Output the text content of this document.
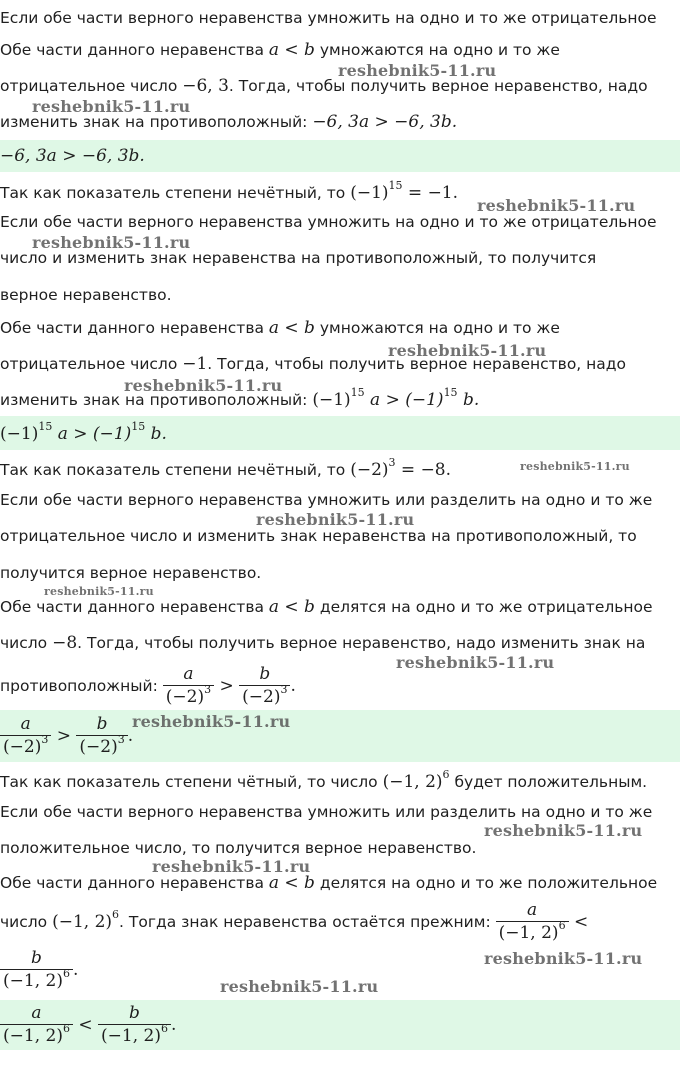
Если обе части верного неравенства умножить на одно и то же отрицательное
Обе части данного неравенства a < b умножаются на одно и то же
отрицательное число −6, 3. Тогда, чтобы получить верное неравенство, надо
изменить знак на противоположный: −6, 3a > −6, 3b.
−6, 3a > −6, 3b.
Так как показатель степени нечётный, то $(-1)^{15} = -1$.
Если обе части верного неравенства умножить на одно и то же отрицательное
число и изменить знак неравенства на противоположный, то получится
верное неравенство.
Обе части данного неравенства a < b умножаются на одно и то же
отрицательное число −1. Тогда, чтобы получить верное неравенство, надо
изменить знак на противоположный: $(-1)^{15}$ $a > (-1)^{15}$ b.
$(-1)^{15}$ $a > (-1)^{15}$ b.
Так как показатель степени нечётный, то $(-2)^3 = -8$.
Если обе части верного неравенства умножить или разделить на одно и то же
отрицательное число и изменить знак неравенства на противоположный, то
получится верное неравенство.
Обе части данного неравенства a < b делятся на одно и то же отрицательное
число −8. Тогда, чтобы получить верное неравенство, надо изменить знак на
противоположный: $\frac{a}{(-2)^3} > \frac{b}{(-2)^3}$ .
$\frac{a}{(-2)^3} > \frac{b}{(-2)^3}$ .
Так как показатель степени чётный, то число (−1, 2)$^6$ будет положительным.
Если обе части верного неравенства умножить или разделить на одно и то же
положительное число, то получится верное неравенство.
Обе части данного неравенства a < b делятся на одно и то же положительное
число (−1, 2)$^6$. Тогда знак неравенства остаётся прежним: $\frac{a}{(-1, 2)^6}$ <
$\frac{b}{(-1, 2)^6}$ .
$\frac{a}{(-1, 2)^6} < \frac{b}{(-1, 2)^6}$ .
reshebnik5-11.ru
reshebnik5-11.ru
reshebnik5-11.ru
reshebnik5-11.ru
reshebnik5-11.ru
reshebnik5-11.ru
reshebnik5-11.ru
reshebnik5-11.ru
reshebnik5-11.ru
reshebnik5-11.ru
reshebnik5-11.ru
reshebnik5-11.ru
reshebnik5-11.ru
reshebnik5-11.ru
reshebnik5-11.ru
